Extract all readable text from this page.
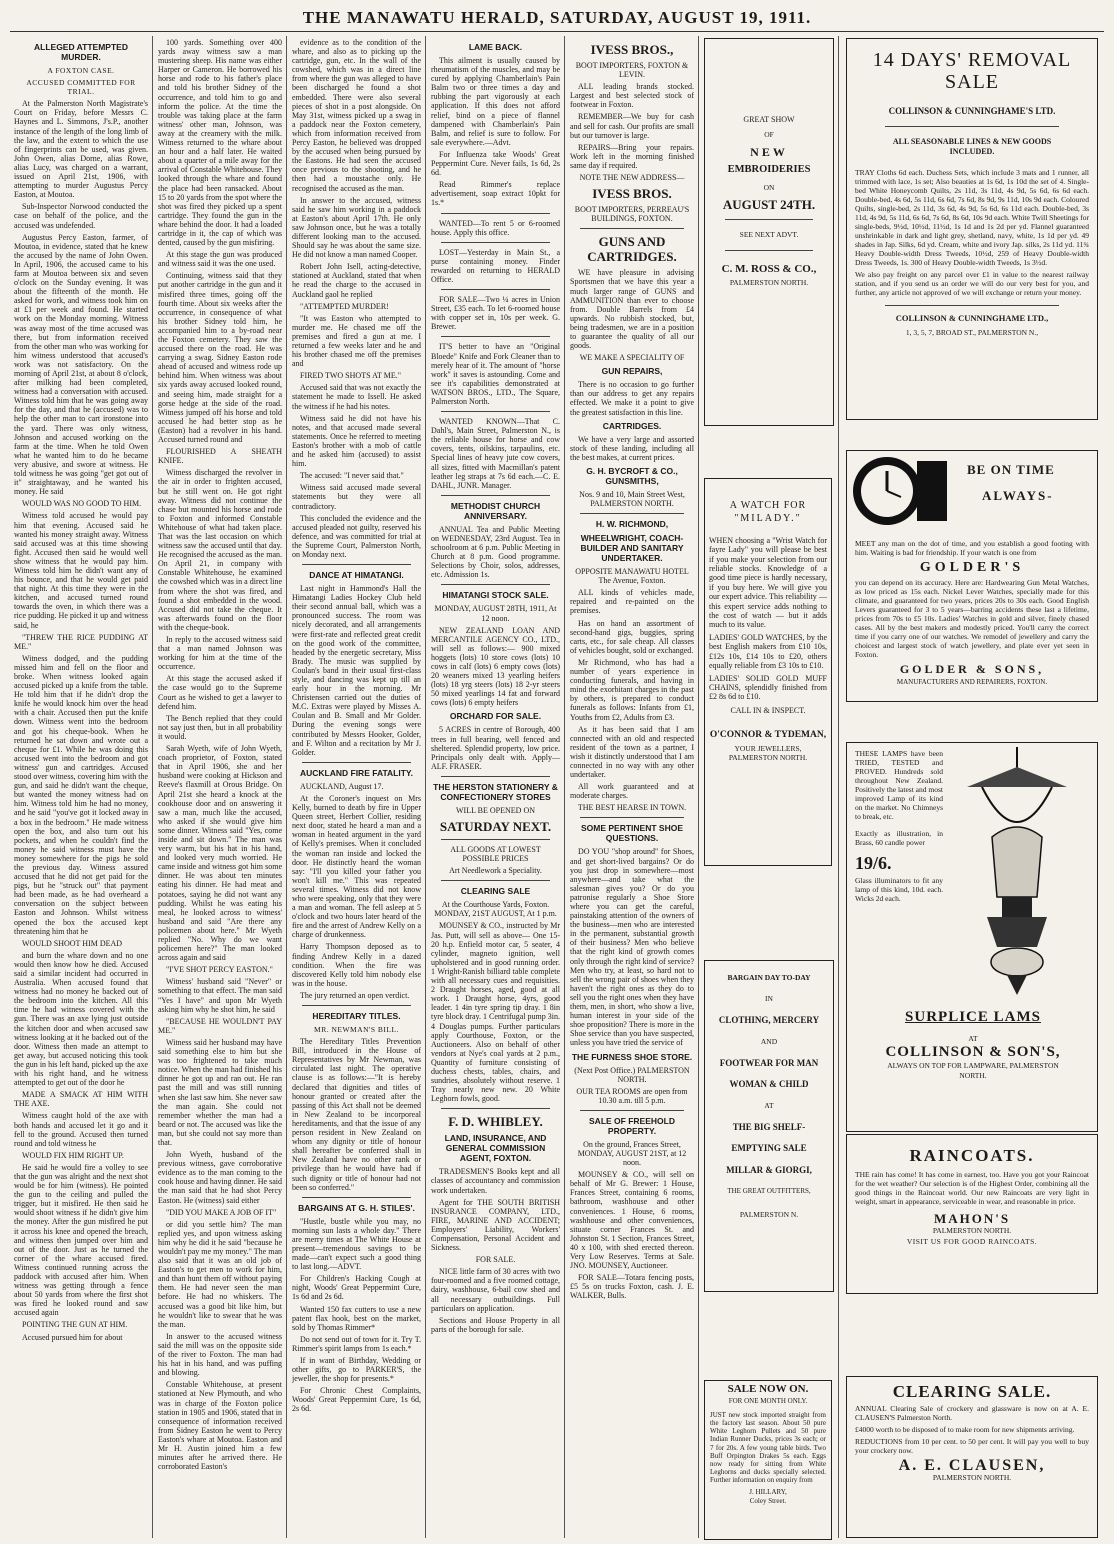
THE MANAWATU HERALD, SATURDAY, AUGUST 19, 1911.
ALLEGED ATTEMPTED MURDER.
A FOXTON CASE.
ACCUSED COMMITTED FOR TRIAL.

At the Palmerston North Magistrate's Court on Friday, before Messrs C. Haynes and L. Simmons, J's.P., another instance of the length of the long limb of the law, and the extent to which the use of fingerprints can be used, was given. John Owen, alias Dorne, alias Rowe, alias Lucy, was charged on a warrant, issued on April 21st, 1906, with attempting to murder Augustus Percy Easton, at Moutoa.

Sub-Inspector Norwood conducted the case on behalf of the police, and the accused was undefended.

Augustus Percy Easton, farmer, of Moutoa, in evidence, stated that he knew the accused by the name of John Owen. In April, 1906, the accused came to his farm at Moutoa between six and seven o'clock on the Sunday evening. It was about the fifteenth of the month. He asked for work, and witness took him on at £1 per week and found. He started work on the Monday morning. Witness was away most of the time accused was there, but from information received from the other man who was working for him witness understood that accused's work was not satisfactory. On the morning of April 21st, at about 8 o'clock, after milking had been completed, witness had a conversation with accused. Witness told him that he was going away for the day, and that he (accused) was to help the other man to cart ironstone into the yard. There was only witness, Johnson and accused working on the farm at the time. When he told Owen what he wanted him to do he became very abusive, and swore at witness. He told witness he was going "get got out of it" straightaway, and he wanted his money. He said

WOULD WAS NO GOOD TO HIM.

Witness told accused he would pay him that evening. Accused said he wanted his money straight away. Witness said accused was at this time showing fight. Accused then said he would well show witness that he would pay him. Witness told him he didn't want any of his bounce, and that he would get paid that night. At this time they were in the kitchen, and accused turned round towards the oven, in which there was a rice pudding. He picked it up and witness said, he

"THREW THE RICE PUDDING AT ME."

Witness dodged, and the pudding missed him and fell on the floor and broke. When witness looked again accused picked up a knife from the table. He told him that if he didn't drop the knife he would knock him over the head with a chair. Accused then put the knife down. Witness went into the bedroom and got his cheque-book. When he returned he sat down and wrote out a cheque for £1. While he was doing this accused went into the bedroom and got witness' gun and cartridges. Accused stood over witness, covering him with the gun, and said he didn't want the cheque, but wanted the money witness had on him. Witness told him he had no money, and he said "you've got it locked away in a box in the bedroom." He made witness open the box, and also turn out his pockets, and when he couldn't find the money he said witness must have the money somewhere for the pigs he sold the previous day. Witness assured accused that he did not get paid for the pigs, but he "struck out" that payment had been made, as he had overheard a conversation on the subject between Easton and Johnson. Whilst witness opened the box the accused kept threatening him that he

WOULD SHOOT HIM DEAD

and burn the whare down and no one would then know how he died. Accused said a similar incident had occurred in Australia. When accused found that witness had no money he backed out of the bedroom into the kitchen. All this time he had witness covered with the gun. There was an axe lying just outside the kitchen door and when accused saw witness looking at it he backed out of the door. Witness then made an attempt to get away, but accused noticing this took the gun in his left hand, picked up the axe with his right hand, and he witness attempted to get out of the door he

MADE A SMACK AT HIM WITH THE AXE.

Witness caught hold of the axe with both hands and accused let it go and it fell to the ground. Accused then turned round and told witness he

WOULD FIX HIM RIGHT UP.

He said he would fire a volley to see that the gun was alright and the next shot would be for him (witness). He pointed the gun to the ceiling and pulled the trigger, but it misfired. He then said he would shoot witness if he didn't give him the money. After the gun misfired he put it across his knee and opened the breach, and witness then jumped over him and out of the door. Just as he turned the corner of the whare accused fired. Witness continued running across the paddock with accused after him. When witness was getting through a fence about 50 yards from where the first shot was fired he looked round and saw accused again

POINTING THE GUN AT HIM.

Accused pursued him for about

100 yards. Something over 400 yards away witness saw a man mustering sheep. His name was either Harper or Cameron. He borrowed his horse and rode to his father's place and told his brother Sidney of the occurrence, and told him to go and inform the police. At the time the trouble was taking place at the farm witness' other man, Johnson, was away at the creamery with the milk. Witness returned to the whare about an hour and a half later. He waited about a quarter of a mile away for the arrival of Constable Whitehouse. They looked through the whare and found the place had been ransacked. About 15 to 20 yards from the spot where the shot was fired they picked up a spent cartridge. They found the gun in the whare behind the door. It had a loaded cartridge in it, the cap of which was dented, caused by the gun misfiring.

At this stage the gun was produced and witness said it was the one used.

Continuing, witness said that they put another cartridge in the gun and it misfired three times, going off the fourth time. About six weeks after the occurrence, in consequence of what his brother Sidney told him, he accompanied him to a by-road near the Foxton cemetery. They saw the accused there on the road. He was carrying a swag. Sidney Easton rode ahead of accused and witness rode up behind him. When witness was about six yards away accused looked round, and seeing him, made straight for a gorse hedge at the side of the road. Witness jumped off his horse and told accused he had better stop as he (Easton) had a revolver in his hand. Accused turned round and

FLOURISHED A SHEATH KNIFE.

Witness discharged the revolver in the air in order to frighten accused, but he still went on. He got right away. Witness did not continue the chase but mounted his horse and rode to Foxton and informed Constable Whitehouse of what had taken place. That was the last occasion on which witness saw the accused until that day. He recognised the accused as the man. On April 21, in company with Constable Whitehouse, he examined the cowshed which was in a direct line from where the shot was fired, and found a shot embedded in the wood. Accused did not take the cheque. It was afterwards found on the floor with the cheque-book.

In reply to the accused witness said that a man named Johnson was working for him at the time of the occurrence.

At this stage the accused asked if the case would go to the Supreme Court as he wished to get a lawyer to defend him.

The Bench replied that they could not say just then, but in all probability it would.

Sarah Wyeth, wife of John Wyeth, coach proprietor, of Foxton, stated that in April 1906, she and her husband were cooking at Hickson and Reeve's flaxmill at Orous Bridge. On April 21st she heard a knock at the cookhouse door and on answering it saw a man, much like the accused, who asked if she would give him some dinner. Witness said "Yes, come inside and sit down." The man was very warm, but his hat in his hand, and looked very much worried. He came inside and witness got him some dinner. He was about ten minutes eating his dinner. He had meat and potatoes, saying he did not want any pudding. Whilst he was eating his meal, he looked across to witness' husband and said "Are there any policemen about here." Mr Wyeth replied "No. Why do we want policemen here?" The man looked across again and said

"I'VE SHOT PERCY EASTON."

Witness' husband said "Never" or something to that effect. The man said "Yes I have" and upon Mr Wyeth asking him why he shot him, he said

"BECAUSE HE WOULDN'T PAY ME."

Witness said her husband may have said something else to him but she was too frightened to take much notice. When the man had finished his dinner he got up and ran out. He ran past the mill and was still running when she last saw him. She never saw the man again. She could not remember whether the man had a beard or not. The accused was like the man, but she could not say more than that.

John Wyeth, husband of the previous witness, gave corroborative evidence as to the man coming to the cook house and having dinner. He said the man said that he had shot Percy Easton. He (witness) said either

"DID YOU MAKE A JOB OF IT"

or did you settle him? The man replied yes, and upon witness asking him why he did it he said "because he wouldn't pay me my money." The man also said that it was an old job of Easton's to get men to work for him, and than hunt them off without paying them. He had never seen the man before. He had no whiskers. The accused was a good bit like him, but he wouldn't like to swear that he was the man.

In answer to the accused witness said the mill was on the opposite side of the river to Foxton. The man had his hat in his hand, and was puffing and blowing.

Constable Whitehouse, at present stationed at New Plymouth, and who was in charge of the Foxton police station in 1905 and 1906, stated that in consequence of information received from Sidney Easton he went to Percy Easton's whare at Moutoa. Easton and Mr H. Austin joined him a few minutes after he arrived there. He corroborated Easton's

evidence as to the condition of the whare, and also as to picking up the cartridge, gun, etc. In the wall of the cowshed, which was in a direct line from where the gun was alleged to have been discharged he found a shot embedded. There were also several pieces of shot in a post alongside. On May 31st, witness picked up a swag in a paddock near the Foxton cemetery, which from information received from Percy Easton, he believed was dropped by the accused when being pursued by the Eastons. He had seen the accused once previous to the shooting, and he then had a moustache only. He recognised the accused as the man.

In answer to the accused, witness said he saw him working in a paddock at Easton's about April 17th. He only saw Johnson once, but he was a totally different looking man to the accused. Should say he was about the same size. He did not know a man named Cooper.

Robert John Isell, acting-detective, stationed at Auckland, stated that when he read the charge to the accused in Auckland gaol he replied

"ATTEMPTED MURDER!

"It was Easton who attempted to murder me. He chased me off the premises and fired a gun at me. I returned a few weeks later and he and his brother chased me off the premises and

FIRED TWO SHOTS AT ME."

Accused said that was not exactly the statement he made to Issell. He asked the witness if he had his notes.

Witness said he did not have his notes, and that accused made several statements. Once he referred to meeting Easton's brother with a mob of cattle and he asked him (accused) to assist him.

The accused: "I never said that."

Witness said accused made several statements but they were all contradictory.

This concluded the evidence and the accused pleaded not guilty, reserved his defence, and was committed for trial at the Supreme Court, Palmerston North, on Monday next.

DANCE AT HIMATANGI.

Last night in Hammond's Hall the Himatangi Ladies Hockey Club held their second annual ball, which was a pronounced success. The room was nicely decorated, and all arrangements were first-rate and reflected great credit on the good work of the committee, headed by the energetic secretary, Miss Brady. The music was supplied by Coulan's band in their usual first-class style, and dancing was kept up till an early hour in the morning. Mr Christensen carried out the duties of M.C. Extras were played by Misses A. Coulan and B. Small and Mr Golder. During the evening songs were contributed by Messrs Hooker, Golder, and F. Wilton and a recitation by Mr J. Golder.

AUCKLAND FIRE FATALITY.

AUCKLAND, August 17.

At the Coroner's inquest on Mrs Kelly, burned to death by fire in Upper Queen street, Herbert Collier, residing next door, stated he heard a man and a woman in heated argument in the yard of Kelly's premises. When it concluded the woman ran inside and locked the door. He distinctly heard the woman say: "I'll you killed your father you won't kill me." This was repeated several times. Witness did not know who were speaking, only that they were a man and woman. The fell asleep at 5 o'clock and two hours later heard of the fire and the arrest of Andrew Kelly on a charge of drunkenness.

Harry Thompson deposed as to finding Andrew Kelly in a dazed condition. When the fire was discovered Kelly told him nobody else was in the house.

The jury returned an open verdict.

HEREDITARY TITLES.
MR. NEWMAN'S BILL.

The Hereditary Titles Prevention Bill, introduced in the House of Representatives by Mr Newman, was circulated last night. The operative clause is as follows:—"It is hereby declared that dignities and titles of honour granted or created after the passing of this Act shall not be deemed in New Zealand to be incorporeal hereditaments, and that the issue of any person resident in New Zealand on whom any dignity or title of honour shall hereafter be conferred shall in New Zealand have no other rank or privilege than he would have had if such dignity or title of honour had not been so conferred."

BARGAINS AT G. H. STILES'.

"Hustle, bustle while you may, no morning sun lasts a whole day." There are merry times at The White House at present—tremendous savings to be made—can't expect such a good thing to last long.—ADVT.

For Children's Hacking Cough at night, Woods' Great Peppermint Cure, 1s 6d and 2s 6d.

Wanted 150 fax cutters to use a new patent flax hook, best on the market, sold by Thomas Rimmer*

Do not send out of town for it. Try T. Rimmer's spirit lamps from 1s each.*

If in want of Birthday, Wedding or other gifts, go to PARKER'S, the jeweller, the shop for presents.*

For Chronic Chest Complaints, Woods' Great Peppermint Cure, 1s 6d, 2s 6d.

LAME BACK.

This ailment is usually caused by rheumatism of the muscles, and may be cured by applying Chamberlain's Pain Balm two or three times a day and rubbing the part vigorously at each application. If this does not afford relief, bind on a piece of flannel dampened with Chamberlain's Pain Balm, and relief is sure to follow. For sale everywhere.—Advt.

For Influenza take Woods' Great Peppermint Cure. Never fails, 1s 6d, 2s 6d.

Read Rimmer's replace advertisement, soap extract 10pkt for 1s.*

WANTED—To rent 5 or 6-roomed house. Apply this office.

LOST—Yesterday in Main St., a purse containing money. Finder rewarded on returning to HERALD Office.

FOR SALE—Two ¼ acres in Union Street, £35 each. To let 6-roomed house with copper set in, 10s per week. G. Brewer.

IT'S better to have an "Original Bloede" Knife and Fork Cleaner than to merely hear of it. The amount of "horse work" it saves is astounding. Come and see it's capabilities demonstrated at WATSON BROS., LTD., The Square, Palmerston North.

WANTED KNOWN—That C. Dahl's, Main Street, Palmerston N., is the reliable house for horse and cow covers, tents, oilskins, tarpaulins, etc. Special lines of heavy jute cow covers, all sizes, fitted with Macmillan's patent leather leg straps at 7s 6d each.—C. E. DAHL, JUNR. Manager.

METHODIST CHURCH ANNIVERSARY.

ANNUAL Tea and Public Meeting on WEDNESDAY, 23rd August. Tea in schoolroom at 6 p.m. Public Meeting in Church at 8 p.m. Good programme. Selections by Choir, solos, addresses, etc. Admission 1s.

HIMATANGI STOCK SALE.
MONDAY, AUGUST 28TH, 1911, At 12 noon.

NEW ZEALAND LOAN AND MERCANTILE AGENCY CO., LTD., will sell as follows:— 900 mixed hoggets (lots) 10 store cows (lots) 10 cows in calf (lots) 6 empty cows (lots) 20 weaners mixed 13 yearling heifers (lots) 18 yrg steers (lots) 18 2-yr steers 50 mixed yearlings 14 fat and forward cows (lots) 6 empty heifers

ORCHARD FOR SALE.

5 ACRES in centre of Borough, 400 trees in full bearing, well fenced and sheltered. Splendid property, low price. Principals only dealt with. Apply— ALF. FRASER.

THE HERSTON STATIONERY & CONFECTIONERY STORES
WILL BE OPENED ON
SATURDAY NEXT.
ALL GOODS AT LOWEST POSSIBLE PRICES
Art Needlework a Speciality.
CLEARING SALE
At the Courthouse Yards, Foxton. MONDAY, 21ST AUGUST, At 1 p.m.

MOUNSEY & CO., instructed by Mr Jas. Putt, will sell as above— One 15-20 h.p. Enfield motor car, 5 seater, 4 cylinder, magneto ignition, well upholstered and in good running order. 1 Wright-Ranish billiard table complete with all necessary cues and requisities. 2 Draught horses, aged, good at all work. 1 Draught horse, 4yrs, good leader. 1 4in tyre spring tip dray. 1 8in tyre block dray. 1 Centrifugal pump 3in. 4 Douglas pumps. Further particulars apply Courthouse, Foxton, or the Auctioneers. Also on behalf of other vendors at Nye's coal yards at 2 p.m., Quantity of furniture consisting of duchess chests, tables, chairs, and sundries, absolutely without reserve. 1 Tray nearly new new. 20 White Leghorn fowls, good.

F. D. WHIBLEY.
LAND, INSURANCE, AND GENERAL COMMISSION AGENT, FOXTON.

TRADESMEN'S Books kept and all classes of accountancy and commission work undertaken.

Agent for THE SOUTH BRITISH INSURANCE COMPANY, LTD., FIRE, MARINE AND ACCIDENT; Employers' Liability, Workers' Compensation, Personal Accident and Sickness.

FOR SALE.

NICE little farm of 30 acres with two four-roomed and a five roomed cottage, dairy, washhouse, 6-bail cow shed and all necessary outbuildings. Full particulars on application.

Sections and House Property in all parts of the borough for sale.

IVESS BROS.,
BOOT IMPORTERS, FOXTON & LEVIN.

ALL leading brands stocked. Largest and best selected stock of footwear in Foxton.

REMEMBER—We buy for cash and sell for cash. Our profits are small but our turnover is large.

REPAIRS—Bring your repairs. Work left in the morning finished same day if required.

NOTE THE NEW ADDRESS—
IVESS BROS.
BOOT IMPORTERS, PERREAU'S BUILDINGS, FOXTON.
GUNS AND CARTRIDGES.

WE have pleasure in advising Sportsmen that we have this year a much larger range of GUNS and AMMUNITION than ever to choose from. Double Barrels from £4 upwards. No rubbish stocked, but, being tradesmen, we are in a position to guarantee the quality of all our goods.

WE MAKE A SPECIALITY OF
GUN REPAIRS,

There is no occasion to go further than our address to get any repairs effected. We make it a point to give the greatest satisfaction in this line.

CARTRIDGES.

We have a very large and assorted stock of these landing, including all the best makes, at current prices.

G. H. BYCROFT & CO., GUNSMITHS,
Nos. 9 and 10, Main Street West, PALMERSTON NORTH.
H. W. RICHMOND,
WHEELWRIGHT, COACH-BUILDER AND SANITARY UNDERTAKER.
OPPOSITE MANAWATU HOTEL The Avenue, Foxton.

ALL kinds of vehicles made, repaired and re-painted on the premises.

Has on hand an assortment of second-hand gigs, buggies, spring carts, etc., for sale cheap. All classes of vehicles bought, sold or exchanged.

Mr Richmond, who has had a number of years experience in conducting funerals, and having in mind the exorbitant charges in the past by others, is prepared to conduct funerals as follows: Infants from £1, Youths from £2, Adults from £3.

As it has been said that I am connected with an old and respected resident of the town as a partner, I wish it distinctly understood that I am connected in no way with any other undertaker.

All work guaranteed and at moderate charges.

THE BEST HEARSE IN TOWN.
SOME PERTINENT SHOE QUESTIONS.

DO YOU "shop around" for Shoes, and get short-lived bargains? Or do you just drop in somewhere—most anywhere—and take what the salesman gives you? Or do you patronise regularly a Shoe Store where you can get the careful, painstaking attention of the owners of the business—men who are interested in the permanent, substantial growth of their business? Men who believe that the right kind of growth comes only through the right kind of service? Men who try, at least, so hard not to sell the wrong pair of shoes when they haven't the right ones as they do to sell you the right ones when they have them, men, in short, who show a live, human interest in your side of the shoe proposition? There is more in the Shoe service than you have suspected, unless you have tried the service of

THE FURNESS SHOE STORE.
(Next Post Office.) PALMERSTON NORTH.
OUR TEA ROOMS are open from 10.30 a.m. till 5 p.m.
SALE OF FREEHOLD PROPERTY.
On the ground, Frances Street, MONDAY, AUGUST 21ST, at 12 noon.

MOUNSEY & CO., will sell on behalf of Mr G. Brewer: 1 House, Frances Street, containing 6 rooms, bathroom, washhouse and other conveniences. 1 House, 6 rooms, washhouse and other conveniences, situate corner Frances St. and Johnston St. 1 Section, Frances Street, 40 x 100, with shed erected thereon. Very Low Reserves. Terms at Sale. JNO. MOUNSEY, Auctioneer.

FOR SALE—Totara fencing posts, £5 5s on trucks Foxton, cash. J. E. WALKER, Bulls.

GREAT SHOW
OF
NEW
EMBROIDERIES
ON
AUGUST 24TH.
SEE NEXT ADVT.
C. M. ROSS & CO.,
PALMERSTON NORTH.
A WATCH FOR
"MILADY."

WHEN choosing a "Wrist Watch for fayre Lady" you will please be best if you make your selection from our reliable stocks. Knowledge of a good time piece is hardly necessary, if you buy here. We will give you our expert advice. This reliability — this expert service adds nothing to the cost of watch — but it adds much to its value.

LADIES' GOLD WATCHES, by the best English makers from £10 10s, £12s 10s, £14 10s to £20, others equally reliable from £3 10s to £10.

LADIES' SOLID GOLD MUFF CHAINS, splendidly finished from £2 8s 6d to £10.

CALL IN & INSPECT.
O'CONNOR & TYDEMAN,
YOUR JEWELLERS,
PALMERSTON NORTH.
BARGAIN DAY TO-DAY
IN
CLOTHING, MERCERY
AND
FOOTWEAR FOR MAN
WOMAN & CHILD
AT
THE BIG SHELF-
EMPTYING SALE
MILLAR & GIORGI,
THE GREAT OUTFITTERS,
PALMERSTON N.
14 DAYS' REMOVAL SALE
COLLINSON & CUNNINGHAME'S LTD.
ALL SEASONABLE LINES & NEW GOODS INCLUDED.

TRAY Cloths 6d each. Duchess Sets, which include 3 mats and 1 runner, all trimmed with lace, 1s set; Also beauties at 1s 6d, 1s 10d the set of 4. Single-bed White Honeycomb Quilts, 2s 11d, 3s 11d, 4s 9d, 5s 6d, 6s 6d each. Double-bed, 4s 6d, 5s 11d, 6s 6d, 7s 6d, 8s 9d, 9s 11d, 10s 9d each. Coloured Quilts, single-bed, 2s 11d, 3s 6d, 4s 9d, 5s 6d, 6s 11d each. Double-bed, 3s 11d, 4s 9d, 5s 11d, 6s 6d, 7s 6d, 8s 6d, 10s 9d each. White Twill Sheetings for single-beds, 9½d, 10½d, 11½d, 1s 1d and 1s 2d per yd. Flannel guaranteed unshrinkable in dark and light grey, shetland, navy, white, 1s 1d per yd. 49 shades in Jap. Silks, 6d yd. Cream, white and ivory Jap. silks, 2s 11d yd. 11¾ Heavy Double-width Dress Tweeds, 10½d, 259 of Heavy Double-width Dress Tweeds, 1s. 300 of Heavy Double-width Tweeds, 1s 3½d.

We also pay freight on any parcel over £1 in value to the nearest railway station, and if you send us an order we will do our very best for you, and further, any article not approved of we will exchange or return your money.

COLLINSON & CUNNINGHAME LTD.,
1, 3, 5, 7, BROAD ST., PALMERSTON N.,
BE ON TIME
ALWAYS-

MEET any man on the dot of time, and you establish a good footing with him. Waiting is bad for friendship. If your watch is one from

GOLDER'S

you can depend on its accuracy. Here are: Hardwearing Gun Metal Watches, as low priced as 15s each. Nickel Lever Watches, specially made for this climate, and guaranteed for two years, prices 20s to 30s each. Good English Levers guaranteed for 3 to 5 years—barring accidents these last a lifetime, prices from 70s to £5 10s. Ladies' Watches in gold and silver, finely chased cases. All by the best makers and modestly priced. You'll carry the correct time if you carry one of our watches. We remodel of jewellery and carry the choicest and largest stock of watch jewellery, and plate ever yet seen in Foxton.

GOLDER & SONS,
MANUFACTURERS AND REPAIRERS, FOXTON.

THESE LAMPS have been TRIED, TESTED and PROVED. Hundreds sold throughout New Zealand. Positively the latest and most improved Lamp of its kind on the market. No Chimneys to break, etc.

Exactly as illustration, in Brass, 60 candle power

19/6.

Glass illuminators to fit any lamp of this kind, 10d. each. Wicks 2d each.

SURPLICE LAMS
AT
COLLINSON & SON'S,
ALWAYS ON TOP FOR LAMPWARE, PALMERSTON NORTH.
RAINCOATS.

THE rain has come! It has come in earnest, too. Have you got your Raincoat for the wet weather? Our selection is of the Highest Order, combining all the good things in the Raincoat world. Our new Raincoats are very light in weight, smart in appearance, serviceable in wear, and reasonable in price.

MAHON'S
PALMERSTON NORTH.
VISIT US FOR GOOD RAINCOATS.
SALE NOW ON.
FOR ONE MONTH ONLY.

JUST new stock imported straight from the factory last season. About 50 pure White Leghorn Pullets and 50 pure Indian Runner Ducks, prices 3s each; or 7 for 20s. A few young table birds. Two Buff Orpington Drakes 5s each. Eggs now ready for sitting from White Leghorns and ducks specially selected. Further information on enquiry from

J. HILLARY,
Coley Street.
CLEARING SALE.

ANNUAL Clearing Sale of crockery and glassware is now on at A. E. CLAUSEN'S Palmerston North.

£4000 worth to be disposed of to make room for new shipments arriving.

REDUCTIONS from 10 per cent. to 50 per cent. It will pay you well to buy your crockery now.

A. E. CLAUSEN,
PALMERSTON NORTH.
